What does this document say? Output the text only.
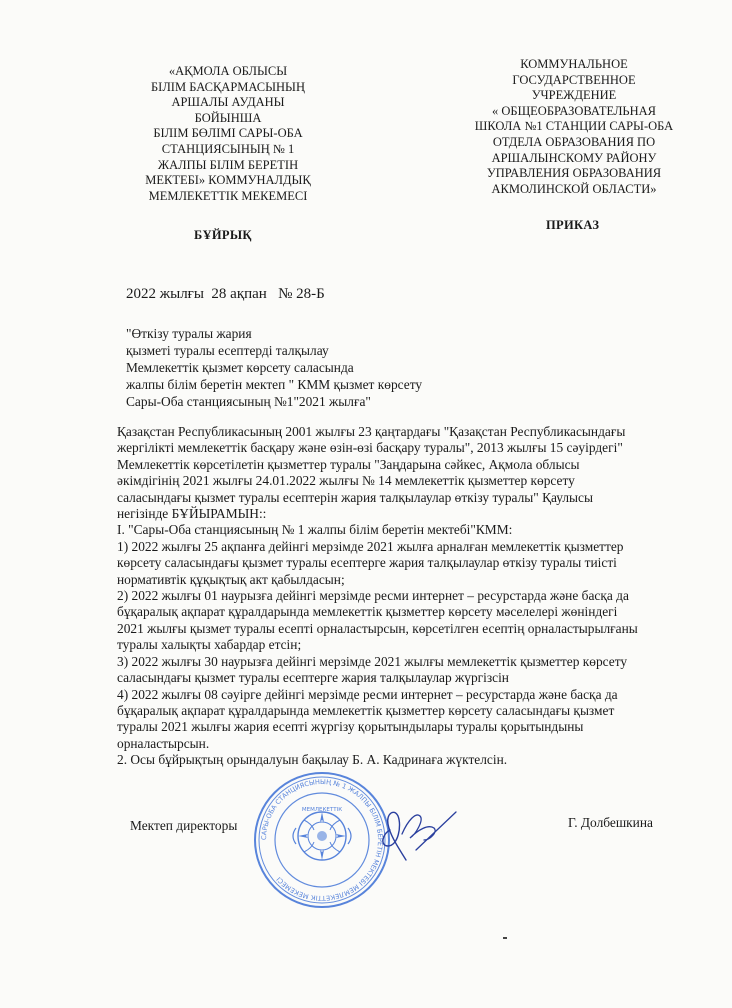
«АҚМОЛА ОБЛЫСЫ
БІЛІМ БАСҚАРМАСЫНЫҢ
АРШАЛЫ АУДАНЫ
БОЙЫНША
БІЛІМ БӨЛІМІ САРЫ-ОБА
СТАНЦИЯСЫНЫҢ № 1
ЖАЛПЫ БІЛІМ БЕРЕТІН
МЕКТЕБІ» КОММУНАЛДЫҚ
МЕМЛЕКЕТТІК МЕКЕМЕСІ
КОММУНАЛЬНОЕ
ГОСУДАРСТВЕННОЕ
УЧРЕЖДЕНИЕ
« ОБЩЕОБРАЗОВАТЕЛЬНАЯ
ШКОЛА №1 СТАНЦИИ САРЫ-ОБА
ОТДЕЛА ОБРАЗОВАНИЯ ПО
АРШАЛЫНСКОМУ РАЙОНУ
УПРАВЛЕНИЯ ОБРАЗОВАНИЯ
АКМОЛИНСКОЙ ОБЛАСТИ»
БҰЙРЫҚ
ПРИКАЗ
2022 жылғы  28 ақпан   № 28-Б
"Өткізу туралы жария
қызметі туралы есептерді талқылау
Мемлекеттік қызмет көрсету саласында
жалпы білім беретін мектеп " КММ қызмет көрсету
Сары-Оба станциясының №1"2021 жылға"
Қазақстан Республикасының 2001 жылғы 23 қаңтардағы "Қазақстан Республикасындағы
жергілікті мемлекеттік басқару және өзін-өзі басқару туралы", 2013 жылғы 15 сәуірдегі"
Мемлекеттік көрсетілетін қызметтер туралы "Заңдарына сәйкес, Ақмола облысы
әкімдігінің 2021 жылғы 24.01.2022 жылғы № 14 мемлекеттік қызметтер көрсету
саласындағы қызмет туралы есептерін жария талқылаулар өткізу туралы" Қаулысы
негізінде БҰЙЫРАМЫН::
I. "Сары-Оба станциясының № 1 жалпы білім беретін мектебі"КММ:
1) 2022 жылғы 25 ақпанға дейінгі мерзімде 2021 жылға арналған мемлекеттік қызметтер
көрсету саласындағы қызмет туралы есептерге жария талқылаулар өткізу туралы тиісті
нормативтік құқықтық акт қабылдасын;
2) 2022 жылғы 01 наурызға дейінгі мерзімде ресми интернет – ресурстарда және басқа да
бұқаралық ақпарат құралдарында мемлекеттік қызметтер көрсету мәселелері жөніндегі
2021 жылғы қызмет туралы есепті орналастырсын, көрсетілген есептің орналастырылғаны
туралы халықты хабардар етсін;
3) 2022 жылғы 30 наурызға дейінгі мерзімде 2021 жылғы мемлекеттік қызметтер көрсету
саласындағы қызмет туралы есептерге жария талқылаулар жүргізсін
4) 2022 жылғы 08 сәуірге дейінгі мерзімде ресми интернет – ресурстарда және басқа да
бұқаралық ақпарат құралдарында мемлекеттік қызметтер көрсету саласындағы қызмет
туралы 2021 жылғы жария есепті жүргізу қорытындылары туралы қорытындыны
орналастырсын.
2. Осы бұйрықтың орындалуын бақылау Б. А. Кадринаға жүктелсін.
Мектеп директоры
САРЫ-ОБА СТАНЦИЯСЫНЫҢ № 1 ЖАЛПЫ БІЛІМ БЕРЕТІН МЕКТЕБІ МЕМЛЕКЕТТІК МЕКЕМЕСІ
МЕМЛЕКЕТТІК
Г. Долбешкина
